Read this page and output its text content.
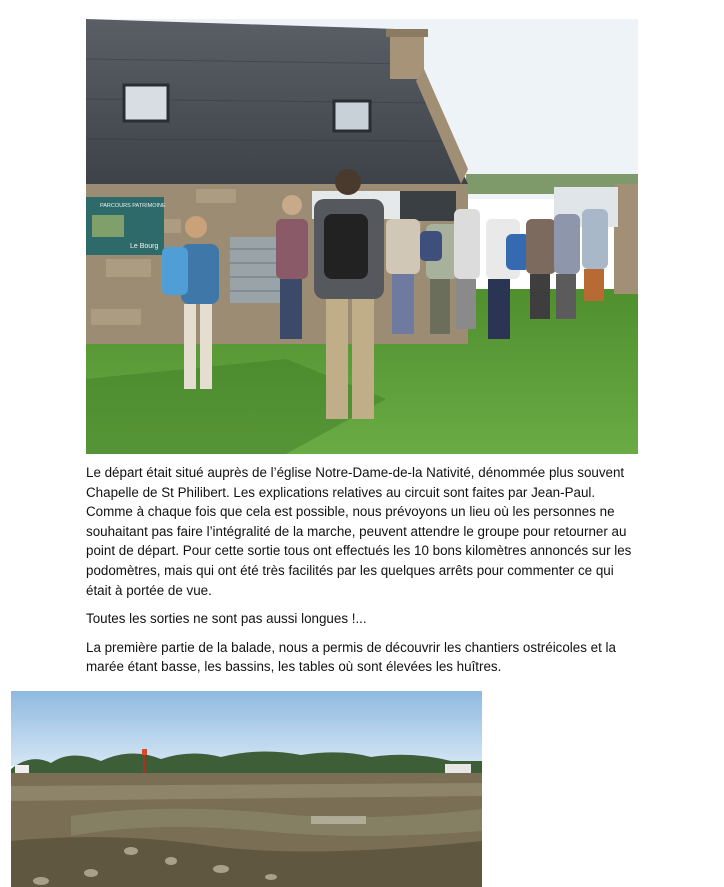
PARCOURS PATRIMOINE
Le Bourg

Le départ était situé auprès de l’église Notre-Dame-de-la Nativité, dénommée plus souvent Chapelle de St Philibert. Les explications relatives au circuit sont faites par Jean-Paul. Comme à chaque fois que cela est possible, nous prévoyons un lieu où les personnes ne souhaitant pas faire l’intégralité de la marche, peuvent attendre le groupe pour retourner au point de départ. Pour cette sortie tous ont effectués les 10 bons kilomètres annoncés sur les podomètres, mais qui ont été très facilités par les quelques arrêts pour commenter ce qui était à portée de vue.

Toutes les sorties ne sont pas aussi longues !...

La première partie de la balade, nous a permis de découvrir les chantiers ostréicoles et la marée étant basse, les bassins, les tables où sont élevées les huîtres.
